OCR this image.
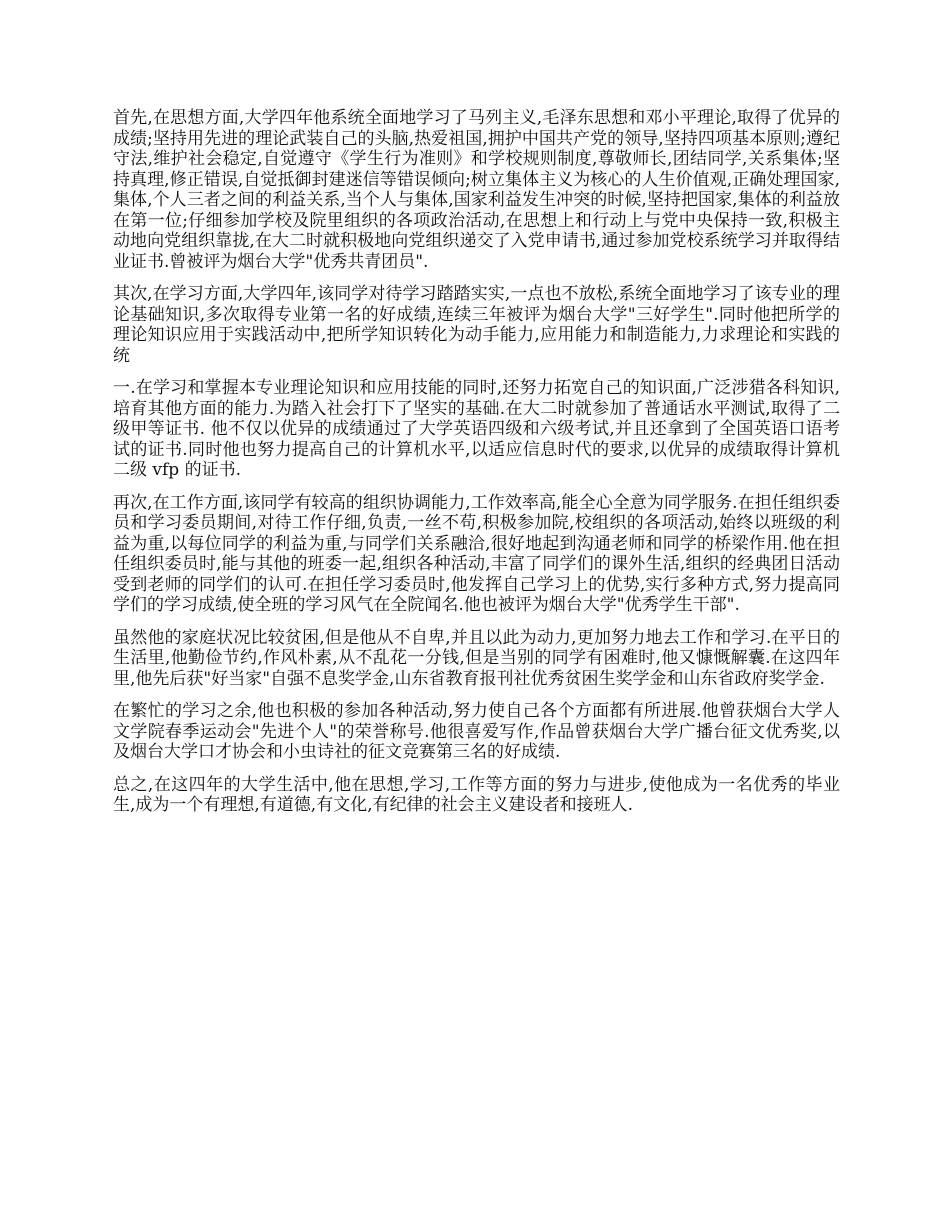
首先,在思想方面,大学四年他系统全面地学习了马列主义,毛泽东思想和邓小平理论,取得了优异的成绩;坚持用先进的理论武装自己的头脑,热爱祖国,拥护中国共产党的领导,坚持四项基本原则;遵纪守法,维护社会稳定,自觉遵守《学生行为准则》和学校规则制度,尊敬师长,团结同学,关系集体;坚持真理,修正错误,自觉抵御封建迷信等错误倾向;树立集体主义为核心的人生价值观,正确处理国家,集体,个人三者之间的利益关系,当个人与集体,国家利益发生冲突的时候,坚持把国家,集体的利益放在第一位;仔细参加学校及院里组织的各项政治活动,在思想上和行动上与党中央保持一致,积极主动地向党组织靠拢,在大二时就积极地向党组织递交了入党申请书,通过参加党校系统学习并取得结业证书.曾被评为烟台大学"优秀共青团员".

其次,在学习方面,大学四年,该同学对待学习踏踏实实,一点也不放松,系统全面地学习了该专业的理论基础知识,多次取得专业第一名的好成绩,连续三年被评为烟台大学"三好学生".同时他把所学的理论知识应用于实践活动中,把所学知识转化为动手能力,应用能力和制造能力,力求理论和实践的统

一.在学习和掌握本专业理论知识和应用技能的同时,还努力拓宽自己的知识面,广泛涉猎各科知识,培育其他方面的能力.为踏入社会打下了坚实的基础.在大二时就参加了普通话水平测试,取得了二级甲等证书. 他不仅以优异的成绩通过了大学英语四级和六级考试,并且还拿到了全国英语口语考试的证书.同时他也努力提高自己的计算机水平,以适应信息时代的要求,以优异的成绩取得计算机二级 vfp 的证书.

再次,在工作方面,该同学有较高的组织协调能力,工作效率高,能全心全意为同学服务.在担任组织委员和学习委员期间,对待工作仔细,负责,一丝不苟,积极参加院,校组织的各项活动,始终以班级的利益为重,以每位同学的利益为重,与同学们关系融洽,很好地起到沟通老师和同学的桥梁作用.他在担任组织委员时,能与其他的班委一起,组织各种活动,丰富了同学们的课外生活,组织的经典团日活动受到老师的同学们的认可.在担任学习委员时,他发挥自己学习上的优势,实行多种方式,努力提高同学们的学习成绩,使全班的学习风气在全院闻名.他也被评为烟台大学"优秀学生干部".

虽然他的家庭状况比较贫困,但是他从不自卑,并且以此为动力,更加努力地去工作和学习.在平日的生活里,他勤俭节约,作风朴素,从不乱花一分钱,但是当别的同学有困难时,他又慷慨解囊.在这四年里,他先后获"好当家"自强不息奖学金,山东省教育报刊社优秀贫困生奖学金和山东省政府奖学金.

在繁忙的学习之余,他也积极的参加各种活动,努力使自己各个方面都有所进展.他曾获烟台大学人文学院春季运动会"先进个人"的荣誉称号.他很喜爱写作,作品曾获烟台大学广播台征文优秀奖,以及烟台大学口才协会和小虫诗社的征文竞赛第三名的好成绩.

总之,在这四年的大学生活中,他在思想,学习,工作等方面的努力与进步,使他成为一名优秀的毕业生,成为一个有理想,有道德,有文化,有纪律的社会主义建设者和接班人.
